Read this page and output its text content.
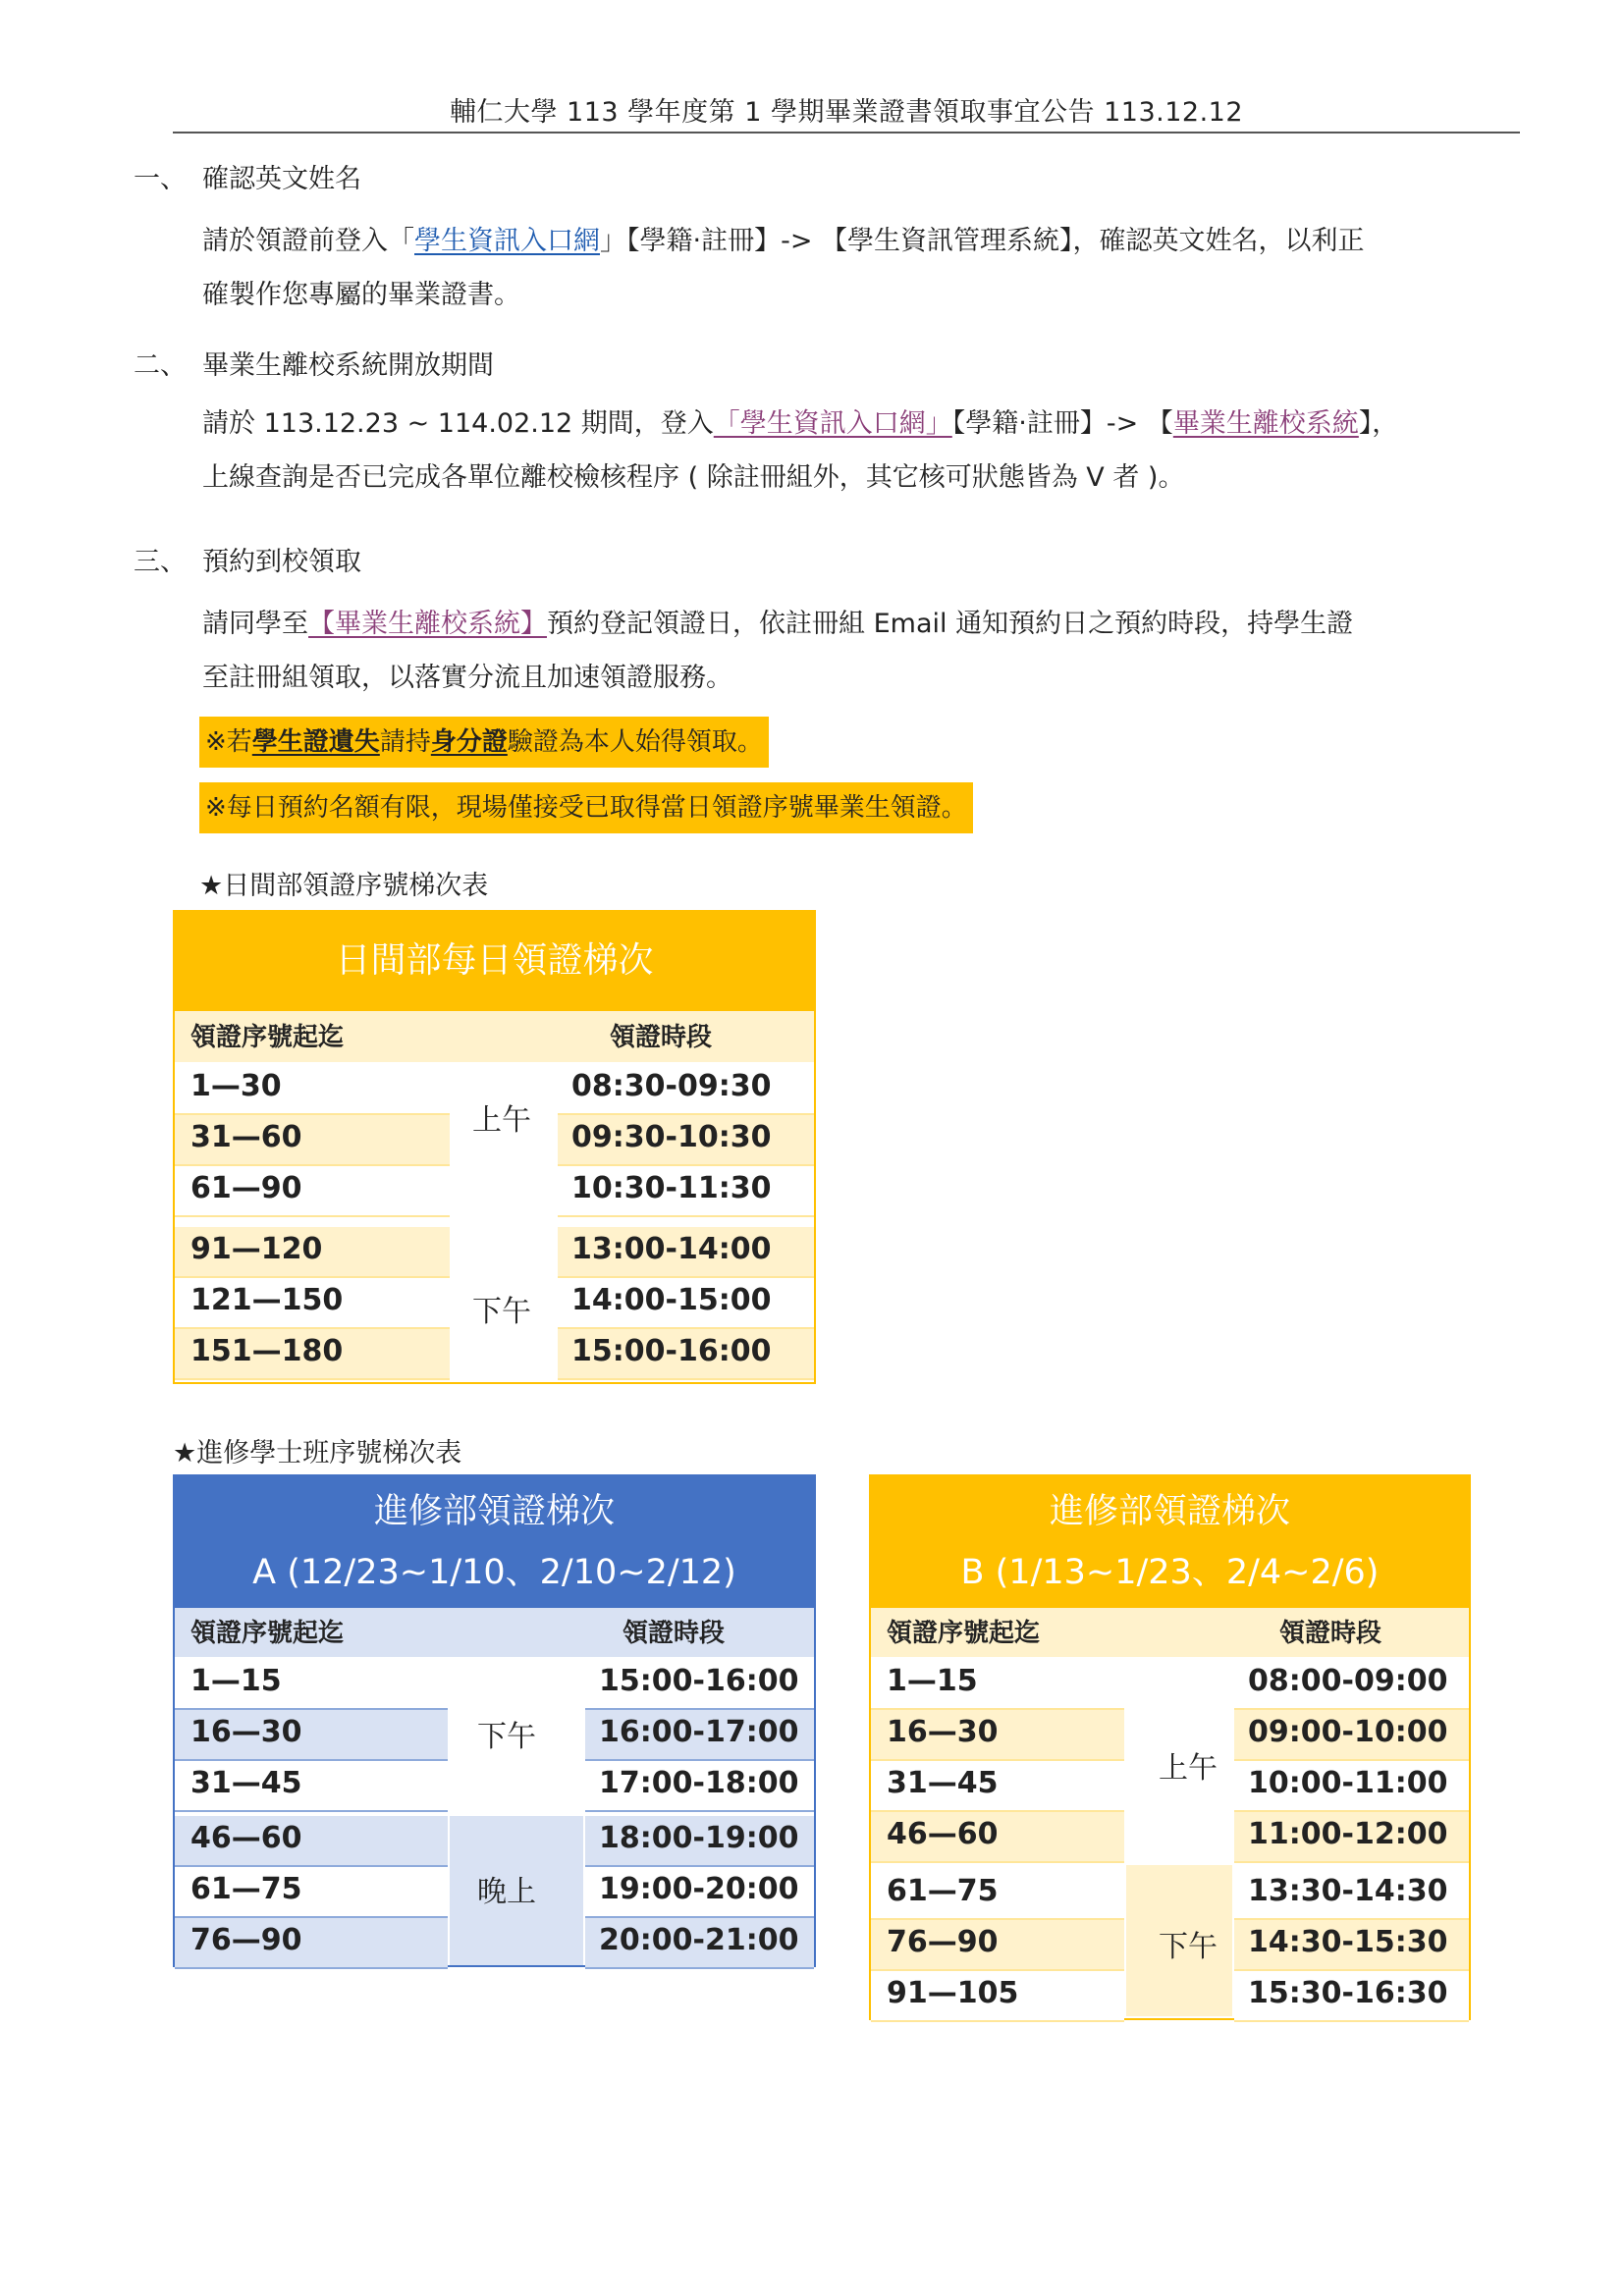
輔仁大學 113 學年度第 1 學期畢業證書領取事宜公告 113.12.12
一、 確認英文姓名
請於領證前登入「學生資訊入口網」【學籍‧註冊】-> 【學生資訊管理系統】，確認英文姓名，以利正
確製作您專屬的畢業證書。
二、 畢業生離校系統開放期間
請於 113.12.23 ~ 114.02.12 期間，登入「學生資訊入口網」【學籍‧註冊】-> 【畢業生離校系統】，
上線查詢是否已完成各單位離校檢核程序 ( 除註冊組外，其它核可狀態皆為 V 者 )。
三、 預約到校領取
請同學至【畢業生離校系統】預約登記領證日，依註冊組 Email 通知預約日之預約時段，持學生證
至註冊組領取，以落實分流且加速領證服務。
※若學生證遺失請持身分證驗證為本人始得領取。
※每日預約名額有限，現場僅接受已取得當日領證序號畢業生領證。
★日間部領證序號梯次表
日間部每日領證梯次
領證序號起迄	領證時段
1—30	08:30-09:30
31—60	09:30-10:30
61—90	10:30-11:30
91—120	13:00-14:00
121—150	14:00-15:00
151—180	15:00-16:00
上午
下午
★進修學士班序號梯次表
進修部領證梯次
A (12/23~1/10、2/10~2/12)
領證序號起迄	領證時段
1—15	15:00-16:00
16—30	16:00-17:00
31—45	17:00-18:00
46—60	18:00-19:00
61—75	19:00-20:00
76—90	20:00-21:00
下午
晚上
進修部領證梯次
B (1/13~1/23、2/4~2/6)
領證序號起迄	領證時段
1—15	08:00-09:00
16—30	09:00-10:00
31—45	10:00-11:00
46—60	11:00-12:00
61—75	13:30-14:30
76—90	14:30-15:30
91—105	15:30-16:30
上午
下午
